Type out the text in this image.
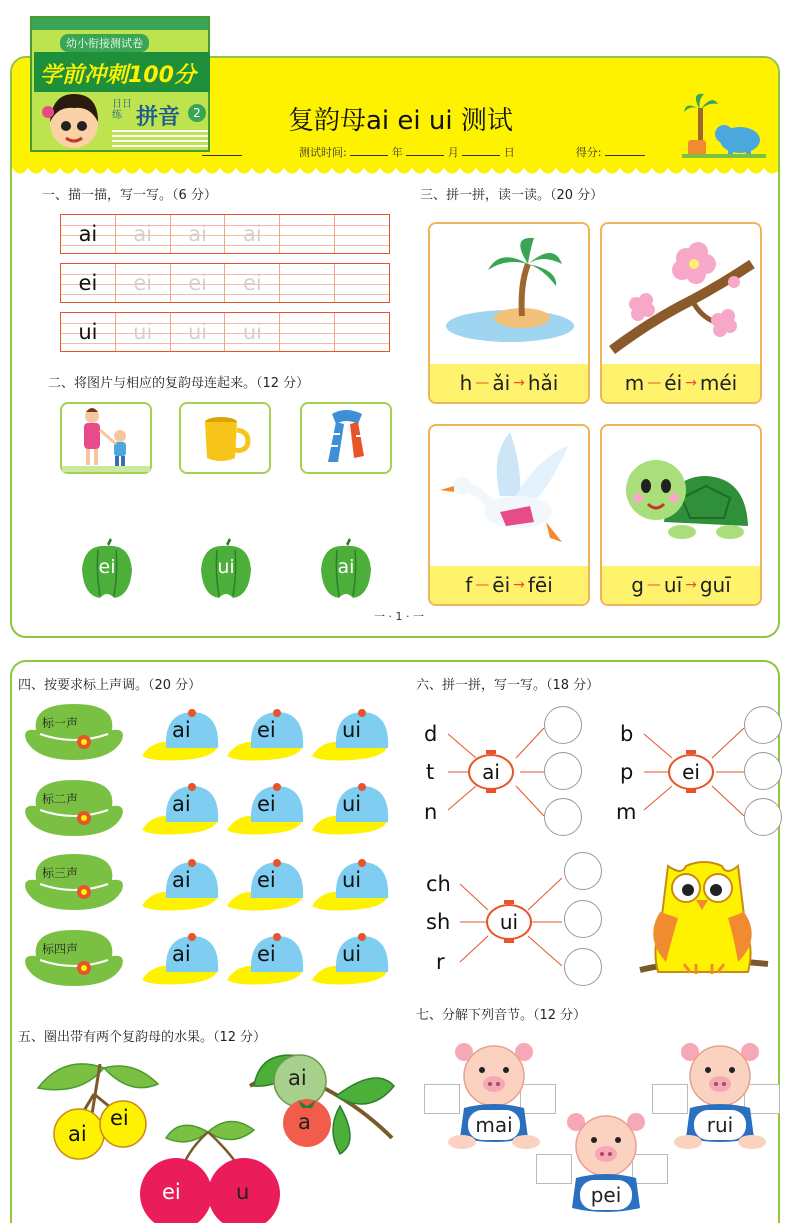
复韵母ai ei ui 测试
测试时间:	年	月	日	得分:
一、描一描，写一写。（6 分）
ai	ai	ai	ai
ei	ei	ei	ei
ui	ui	ui	ui
二、将图片与相应的复韵母连起来。（12 分）
ei	ui	ai
三、拼一拼，读一读。（20 分）
h — ǎi → hǎi	m — éi → méi
f — ēi → fēi	g — uī → guī
一 · 1 · 一
幼小衔接测试卷
学前冲刺100分
日日练 拼音	2
四、按要求标上声调。（20 分）	六、拼一拼，写一写。（18 分）
五、圈出带有两个复韵母的水果。（12 分）
七、分解下列音节。（12 分）
标一声
标二声
标三声
标四声
ai	ei	ui
ai	ei	ui
ai	ei	ui
ai	ei	ui
d
t
n
ai
b
p
m
ei
ch
sh
r
ui
ai
ei
ai
a
ei	u
mai
pei
rui
